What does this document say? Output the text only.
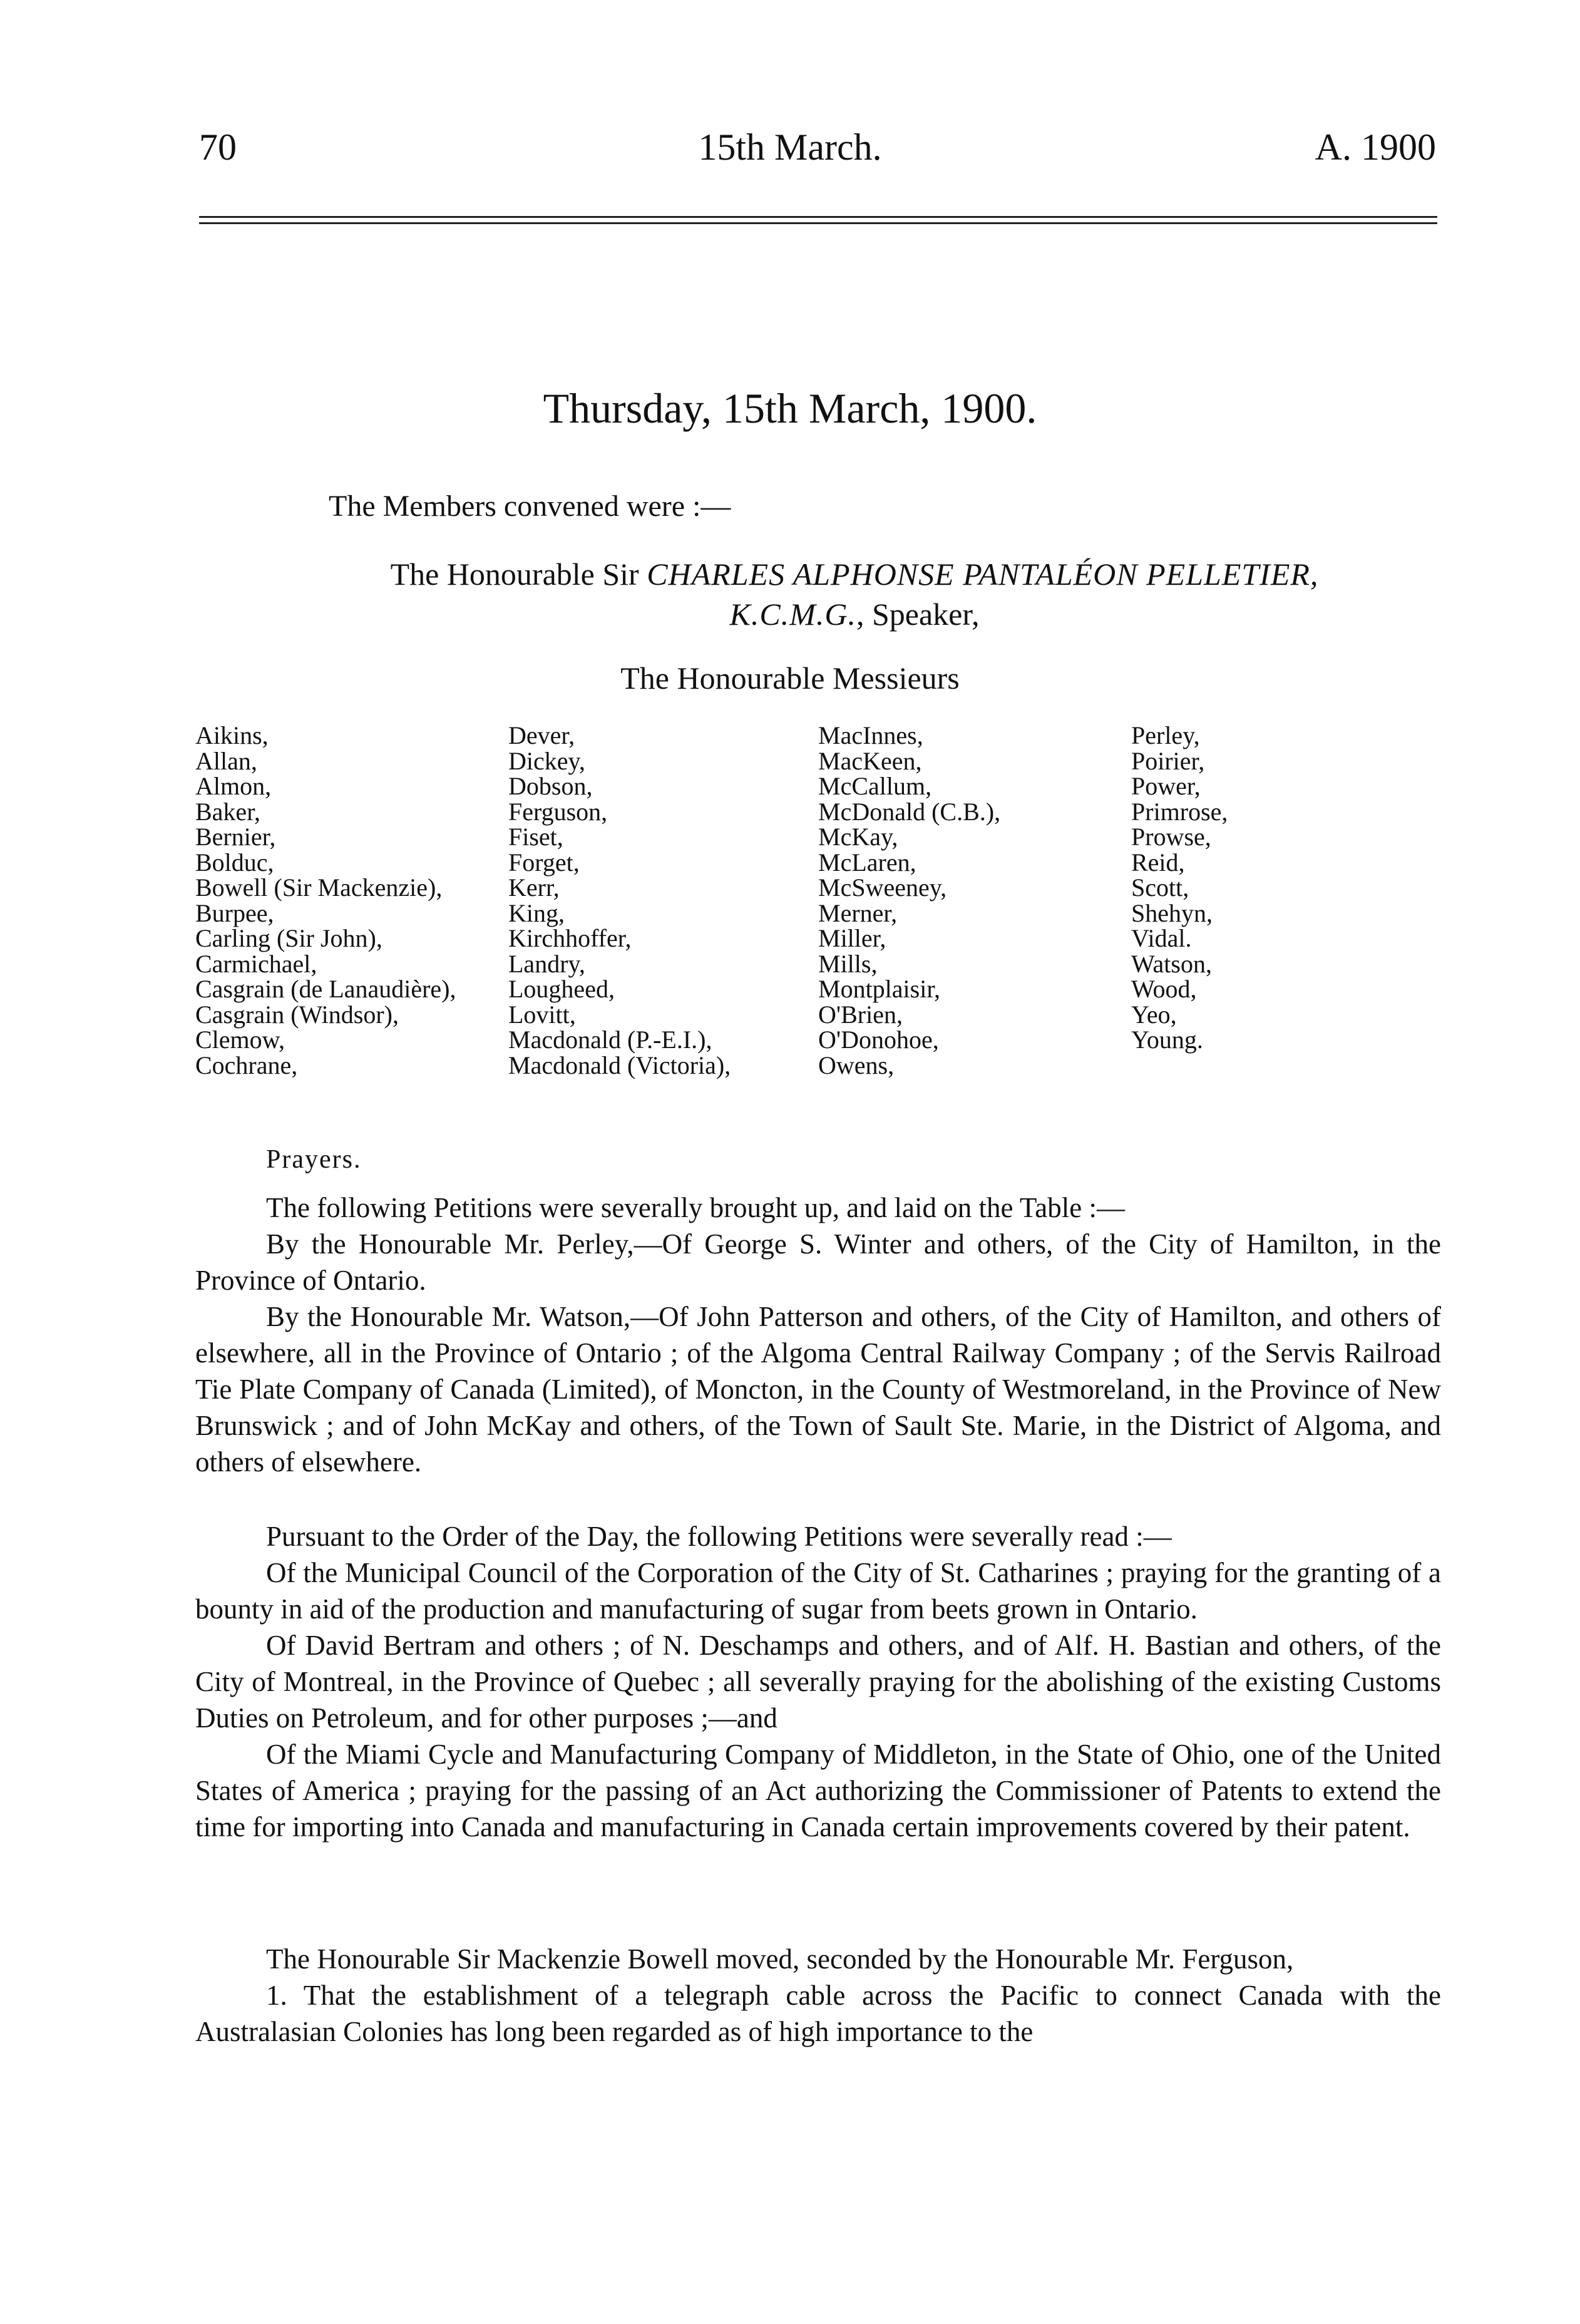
70	15th March.	A. 1900
Thursday, 15th March, 1900.
The Members convened were :—
The Honourable Sir CHARLES ALPHONSE PANTALÉON PELLETIER,
K.C.M.G., Speaker,
The Honourable Messieurs
Aikins,
Allan,
Almon,
Baker,
Bernier,
Bolduc,
Bowell (Sir Mackenzie),
Burpee,
Carling (Sir John),
Carmichael,
Casgrain (de Lanaudière),
Casgrain (Windsor),
Clemow,
Cochrane,
Dever,
Dickey,
Dobson,
Ferguson,
Fiset,
Forget,
Kerr,
King,
Kirchhoffer,
Landry,
Lougheed,
Lovitt,
Macdonald (P.-E.I.),
Macdonald (Victoria),
MacInnes,
MacKeen,
McCallum,
McDonald (C.B.),
McKay,
McLaren,
McSweeney,
Merner,
Miller,
Mills,
Montplaisir,
O'Brien,
O'Donohoe,
Owens,
Perley,
Poirier,
Power,
Primrose,
Prowse,
Reid,
Scott,
Shehyn,
Vidal.
Watson,
Wood,
Yeo,
Young.
Prayers.

The following Petitions were severally brought up, and laid on the Table :—

By the Honourable Mr. Perley,—Of George S. Winter and others, of the City of Hamilton, in the Province of Ontario.

By the Honourable Mr. Watson,—Of John Patterson and others, of the City of Hamilton, and others of elsewhere, all in the Province of Ontario ; of the Algoma Central Railway Company ; of the Servis Railroad Tie Plate Company of Canada (Limited), of Moncton, in the County of Westmoreland, in the Province of New Brunswick ; and of John McKay and others, of the Town of Sault Ste. Marie, in the District of Algoma, and others of elsewhere.

Pursuant to the Order of the Day, the following Petitions were severally read :—

Of the Municipal Council of the Corporation of the City of St. Catharines ; praying for the granting of a bounty in aid of the production and manufacturing of sugar from beets grown in Ontario.

Of David Bertram and others ; of N. Deschamps and others, and of Alf. H. Bastian and others, of the City of Montreal, in the Province of Quebec ; all severally praying for the abolishing of the existing Customs Duties on Petroleum, and for other purposes ;—and

Of the Miami Cycle and Manufacturing Company of Middleton, in the State of Ohio, one of the United States of America ; praying for the passing of an Act authorizing the Commissioner of Patents to extend the time for importing into Canada and manufacturing in Canada certain improvements covered by their patent.

The Honourable Sir Mackenzie Bowell moved, seconded by the Honourable Mr. Ferguson,

1. That the establishment of a telegraph cable across the Pacific to connect Canada with the Australasian Colonies has long been regarded as of high importance to the
